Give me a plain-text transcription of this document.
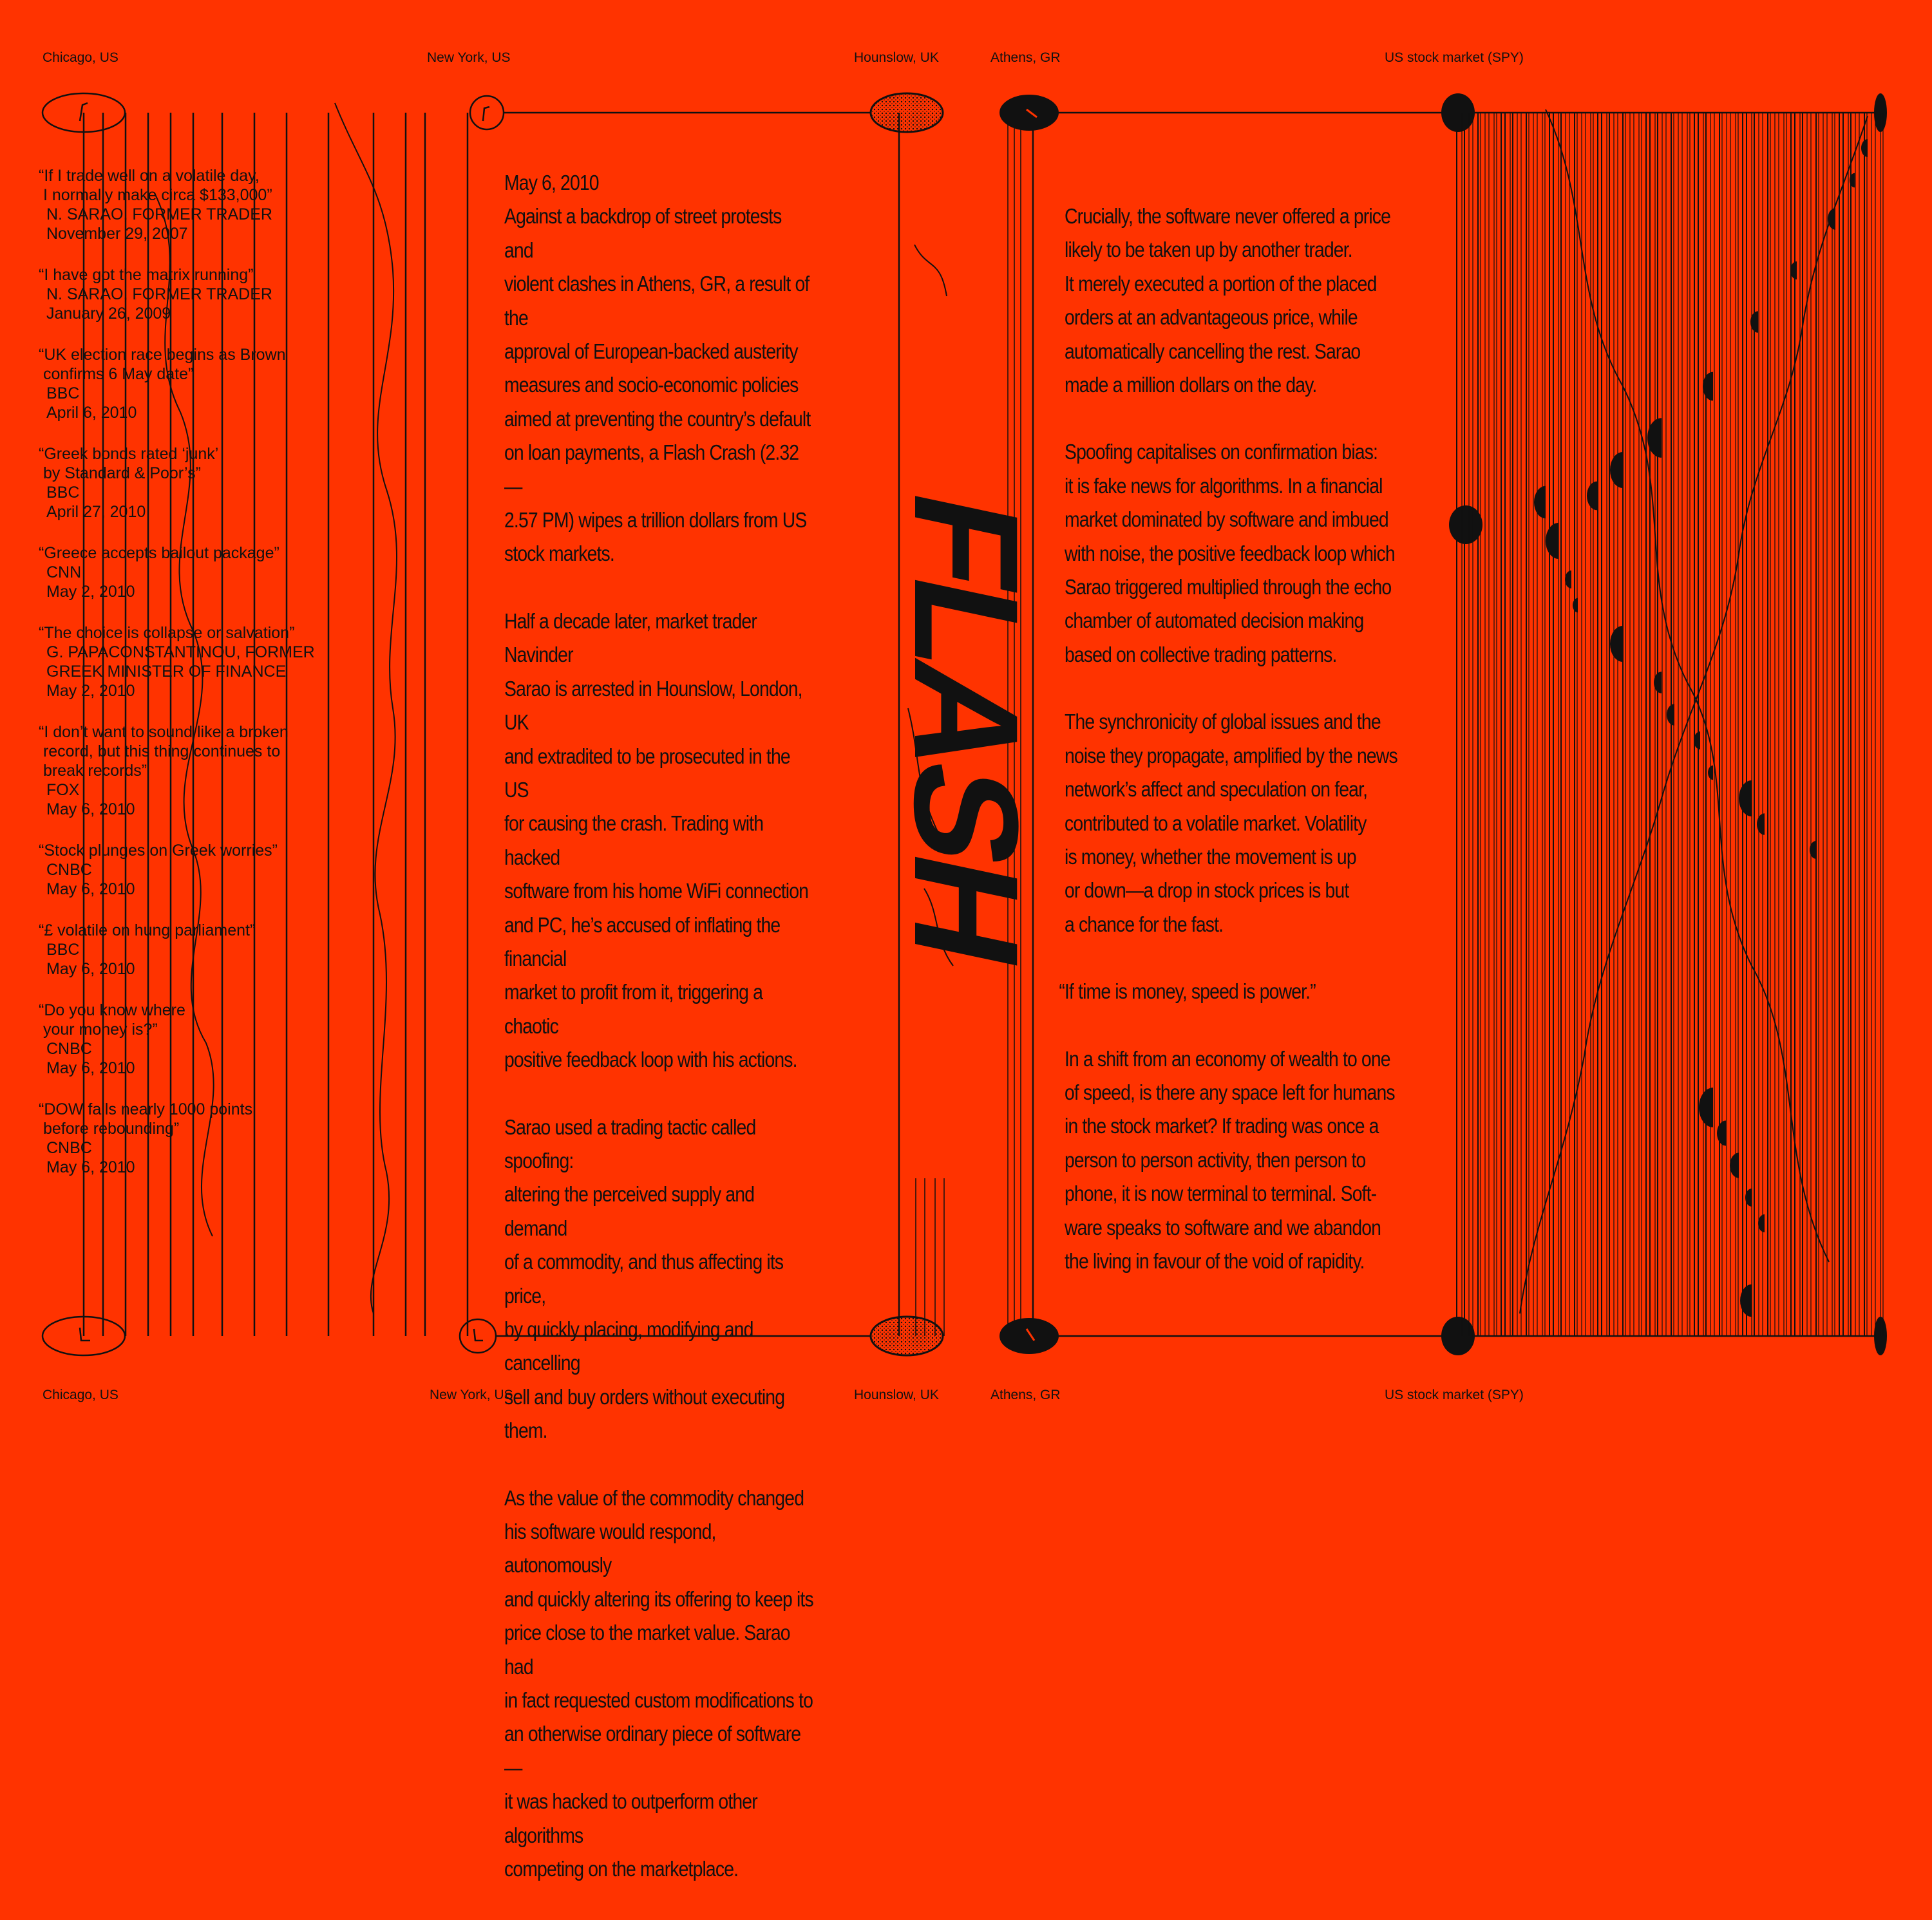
Chicago, US	New York, US	Hounslow, UK	Athens, GR	US stock market (SPY)
Chicago, US	New York, US	Hounslow, UK	Athens, GR	US stock market (SPY)
“If I trade well on a volatile day,
I normally make circa $133,000”
N. SARAO, FORMER TRADER
November 29, 2007
“I have got the matrix running”
N. SARAO, FORMER TRADER
January 26, 2009
“UK election race begins as Brown
confirms 6 May date”
BBC
April 6, 2010
“Greek bonds rated ‘junk’
by Standard & Poor’s”
BBC
April 27, 2010
“Greece accepts bailout package”
CNN
May 2, 2010
“The choice is collapse or salvation”
G. PAPACONSTANTINOU, FORMER
GREEK MINISTER OF FINANCE
May 2, 2010
“I don’t want to sound like a broken
record, but this thing continues to
break records”
FOX
May 6, 2010
“Stock plunges on Greek worries”
CNBC
May 6, 2010
“£ volatile on hung parliament”
BBC
May 6, 2010
“Do you know where
your money is?”
CNBC
May 6, 2010
“DOW falls nearly 1000 points
before rebounding”
CNBC
May 6, 2010

May 6, 2010

Against a backdrop of street protests and
violent clashes in Athens, GR, a result of the
approval of European-backed austerity
measures and socio-economic policies
aimed at preventing the country’s default
on loan payments, a Flash Crash (2.32—
2.57 PM) wipes a trillion dollars from US
stock markets.

Half a decade later, market trader Navinder
Sarao is arrested in Hounslow, London, UK
and extradited to be prosecuted in the US
for causing the crash. Trading with hacked
software from his home WiFi connection
and PC, he’s accused of inflating the financial
market to profit from it, triggering a chaotic
positive feedback loop with his actions.

Sarao used a trading tactic called spoofing:
altering the perceived supply and demand
of a commodity, and thus affecting its price,
by quickly placing, modifying and cancelling
sell and buy orders without executing them.

As the value of the commodity changed
his software would respond, autonomously
and quickly altering its offering to keep its
price close to the market value. Sarao had
in fact requested custom modifications to
an otherwise ordinary piece of software—
it was hacked to outperform other algorithms
competing on the marketplace.

FLASH

Crucially, the software never offered a price
likely to be taken up by another trader.
It merely executed a portion of the placed
orders at an advantageous price, while
automatically cancelling the rest. Sarao
made a million dollars on the day.

Spoofing capitalises on confirmation bias:
it is fake news for algorithms. In a financial
market dominated by software and imbued
with noise, the positive feedback loop which
Sarao triggered multiplied through the echo
chamber of automated decision making
based on collective trading patterns.

The synchronicity of global issues and the
noise they propagate, amplified by the news
network’s affect and speculation on fear,
contributed to a volatile market. Volatility
is money, whether the movement is up
or down—a drop in stock prices is but
a chance for the fast.

“If time is money, speed is power.”

In a shift from an economy of wealth to one
of speed, is there any space left for humans
in the stock market? If trading was once a
person to person activity, then person to
phone, it is now terminal to terminal. Soft-
ware speaks to software and we abandon
the living in favour of the void of rapidity.
